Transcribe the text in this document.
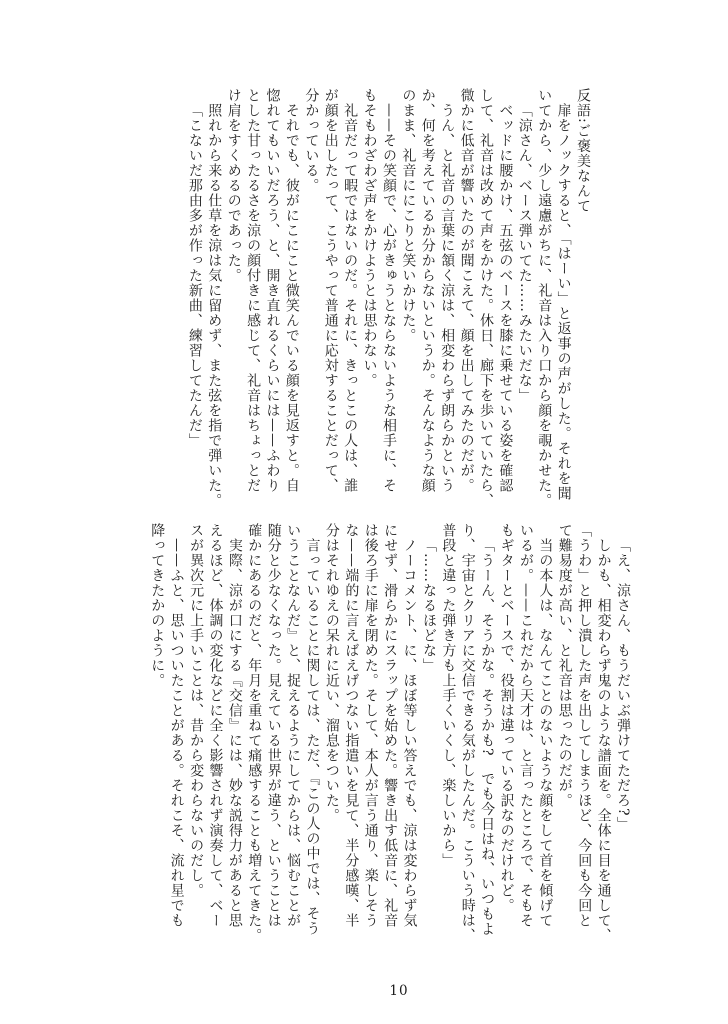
反語:ご褒美なんて

扉をノックすると、「はーい」と返事の声がした。それを聞

いてから、少し遠慮がちに、礼音は入り口から顔を覗かせた。

「涼さん、ベース弾いてた……みたいだな」

ベッドに腰かけ、五弦のベースを膝に乗せている姿を確認

して、礼音は改めて声をかけた。休日、廊下を歩いていたら、

微かに低音が響いたのが聞こえて、顔を出してみたのだが。

うん、と礼音の言葉に頷く涼は、相変わらず朗らかという

か、何を考えているか分からないというか。そんなような顔

のまま、礼音ににこりと笑いかけた。

——その笑顔で、心がきゅうとならないような相手に、そ

もそもわざわざ声をかけようとは思わない。

礼音だって暇ではないのだ。それに、きっとこの人は、誰

が顔を出したって、こうやって普通に応対することだって、

分かっている。

それでも、彼がにこにこと微笑んでいる顔を見返すと。自

惚れてもいいだろう、と、開き直れるくらいには——ふわり

とした甘ったるさを涼の顔付きに感じて、礼音はちょっとだ

け肩をすくめるのであった。

照れから来る仕草を涼は気に留めず、また弦を指で弾いた。

「こないだ那由多が作った新曲、練習してたんだ」

「え、涼さん、もうだいぶ弾けてただろ?」

しかも、相変わらず鬼のような譜面を。全体に目を通して、

「うわ」と押し潰した声を出してしまうほど、今回も今回と

て難易度が高い、と礼音は思ったのだが。

当の本人は、なんてことのないような顔をして首を傾げて

いるが。——これだから天才は、と言ったところで、そもそ

もギターとベースで、役割は違っている訳なのだけれど。

「うーん、そうかな。そうかも?　でも今日はね、いつもよ

り、宇宙とクリアに交信できる気がしたんだ。こういう時は、

普段と違った弾き方も上手くいくし、楽しいから」

「……なるほどな」

ノーコメント、に、ほぼ等しい答えでも、涼は変わらず気

にせず、滑らかにスラップを始めた。響き出す低音に、礼音

は後ろ手に扉を閉めた。そして、本人が言う通り、楽しそう

な——端的に言えばえげつない指遣いを見て、半分感嘆、半

分はそれゆえの呆れに近い、溜息をついた。

言っていることに関しては、ただ、『この人の中では、そう

いうことなんだ』と、捉えるようにしてからは、悩むことが

随分と少なくなった。見えている世界が違う、ということは

確かにあるのだと、年月を重ねて痛感することも増えてきた。

実際、涼が口にする『交信』には、妙な説得力があると思

えるほど、体調の変化などに全く影響されず演奏して、ベー

スが異次元に上手いことは、昔から変わらないのだし。

——ふと、思いついたことがある。それこそ、流れ星でも

降ってきたかのように。

10
